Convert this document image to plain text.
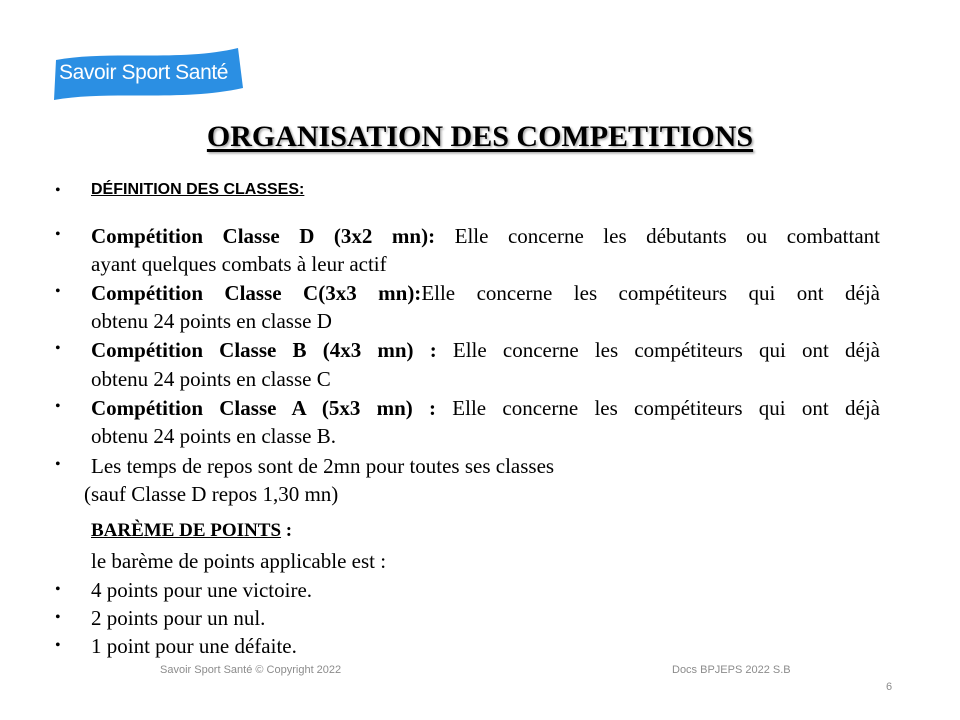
Savoir Sport Santé
ORGANISATION DES COMPETITIONS
• DÉFINITION DES CLASSES:
• Compétition Classe D (3x2 mn): Elle concerne les débutants ou combattant
ayant quelques combats à leur actif
• Compétition Classe C(3x3 mn):Elle concerne les compétiteurs qui ont déjà
obtenu 24 points en classe D
• Compétition Classe B (4x3 mn) : Elle concerne les compétiteurs qui ont déjà
obtenu 24 points en classe C
• Compétition Classe A (5x3 mn) : Elle concerne les compétiteurs qui ont déjà
obtenu 24 points en classe B.
• Les temps de repos sont de 2mn pour toutes ses classes
(sauf Classe D repos 1,30 mn)
BARÈME DE POINTS :
le barème de points applicable est :
• 4 points pour une victoire.
• 2 points pour un nul.
• 1 point pour une défaite.
Savoir Sport Santé © Copyright 2022	Docs BPJEPS 2022 S.B
6
